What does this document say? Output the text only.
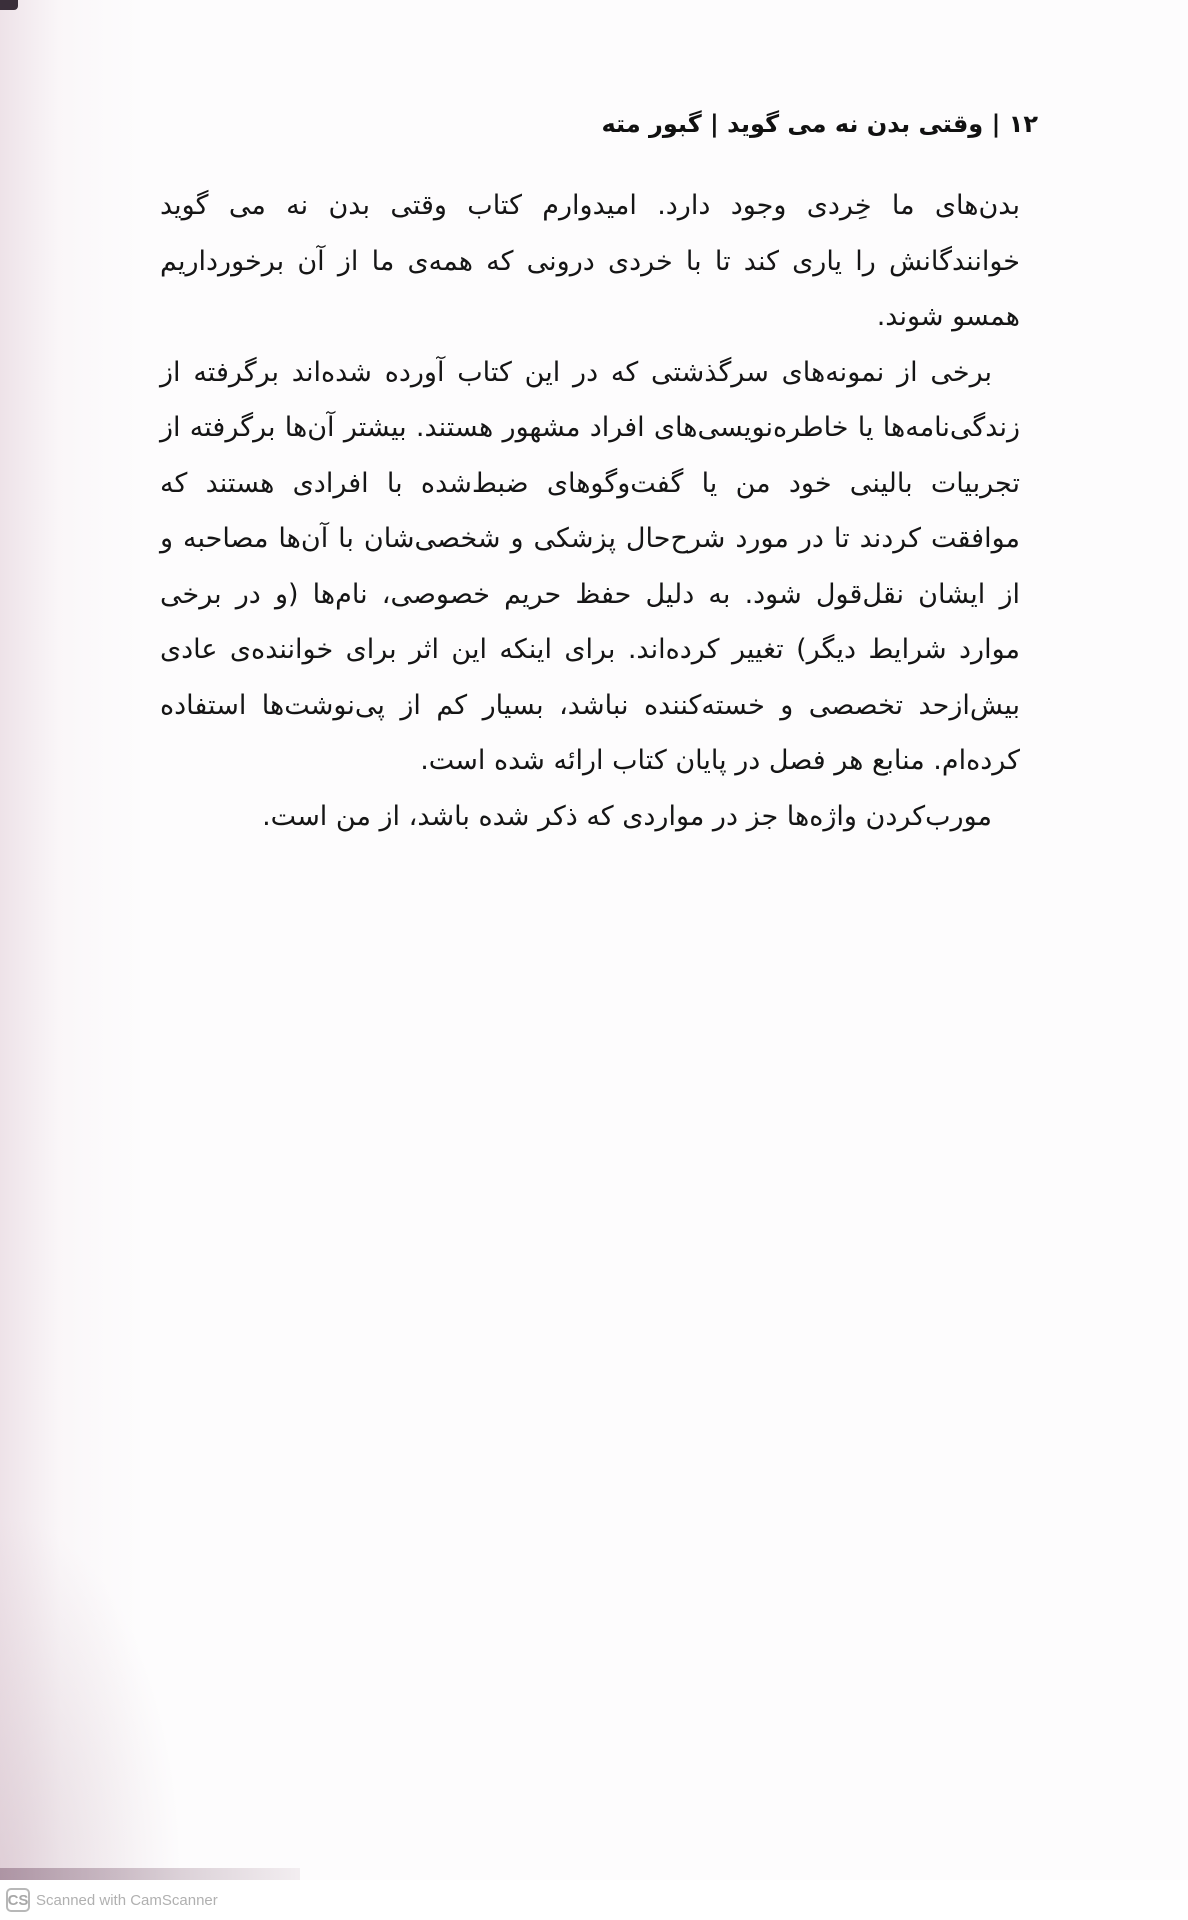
۱۲ | وقتی بدن نه می گوید | گبور مته

بدن‌های ما خِردی وجود دارد. امیدوارم کتاب وقتی بدن نه می گوید خوانندگانش را یاری کند تا با خردی درونی که همه‌ی ما از آن برخورداریم همسو شوند.

برخی از نمونه‌های سرگذشتی که در این کتاب آورده شده‌اند برگرفته از زندگی‌نامه‌ها یا خاطره‌نویسی‌های افراد مشهور هستند. بیشتر آن‌ها برگرفته از تجربیات بالینی خود من یا گفت‌وگوهای ضبط‌شده با افرادی هستند که موافقت کردند تا در مورد شرح‌حال پزشکی و شخصی‌شان با آن‌ها مصاحبه و از ایشان نقل‌قول شود. به دلیل حفظ حریم خصوصی، نام‌ها (و در برخی موارد شرایط دیگر) تغییر کرده‌اند. برای اینکه این اثر برای خواننده‌ی عادی بیش‌ازحد تخصصی و خسته‌کننده نباشد، بسیار کم از پی‌نوشت‌ها استفاده کرده‌ام. منابع هر فصل در پایان کتاب ارائه شده است.

مورب‌کردن واژه‌ها جز در مواردی که ذکر شده باشد، از من است.

CS Scanned with CamScanner
